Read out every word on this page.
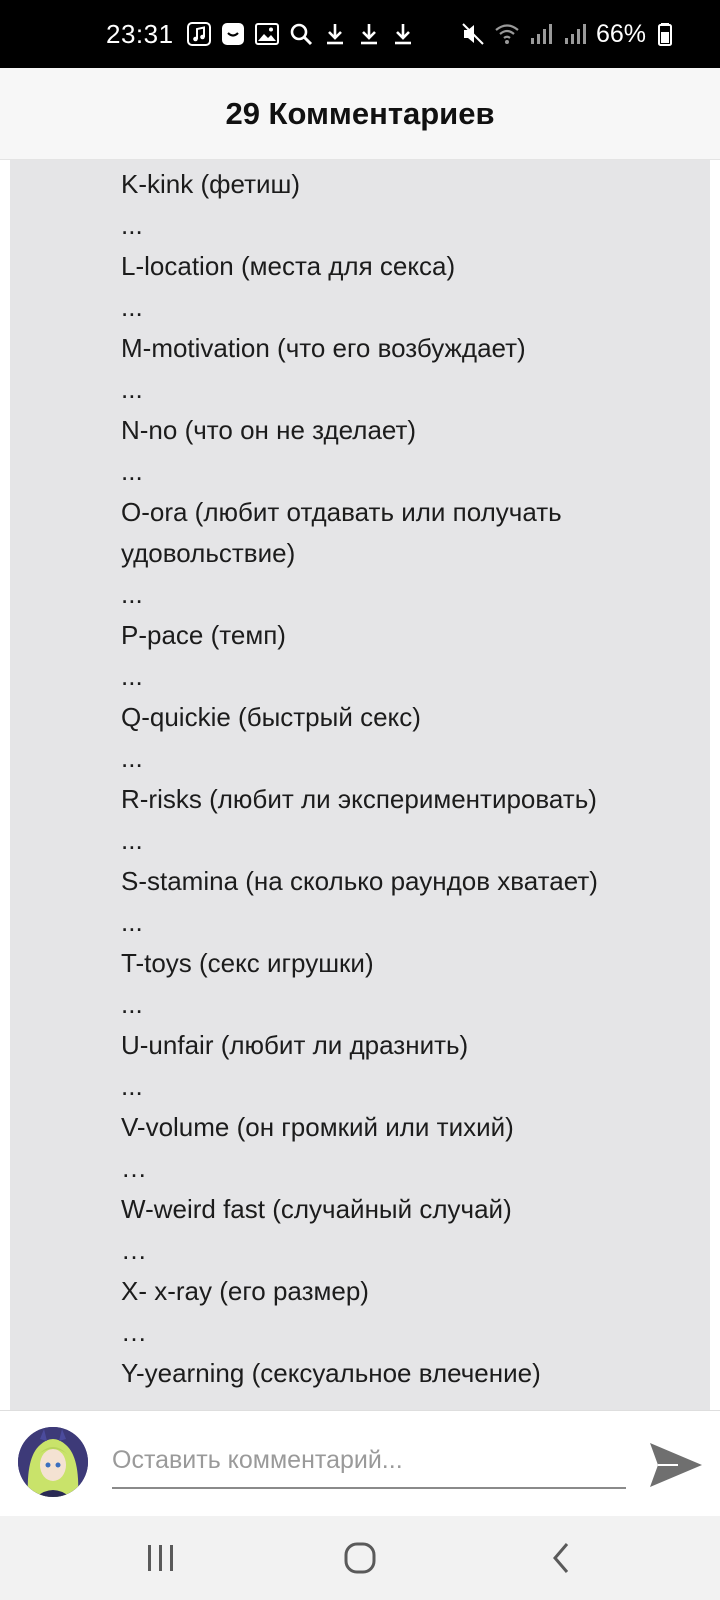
23:31	66%
29 Комментариев
K-kink (фетиш)
...
L-location (места для секса)
...
M-motivation (что его возбуждает)
...
N-no (что он не зделает)
...
O-ora (любит отдавать или получать удовольствие)
...
P-pace (темп)
...
Q-quickie (быстрый секс)
...
R-risks (любит ли экспериментировать)
...
S-stamina (на сколько раундов хватает)
...
T-toys (секс игрушки)
...
U-unfair (любит ли дразнить)
...
V-volume (он громкий или тихий)
…
W-weird fast (случайный случай)
…
X- x-ray (его размер)
…
Y-yearning (сексуальное влечение)
Оставить комментарий...
